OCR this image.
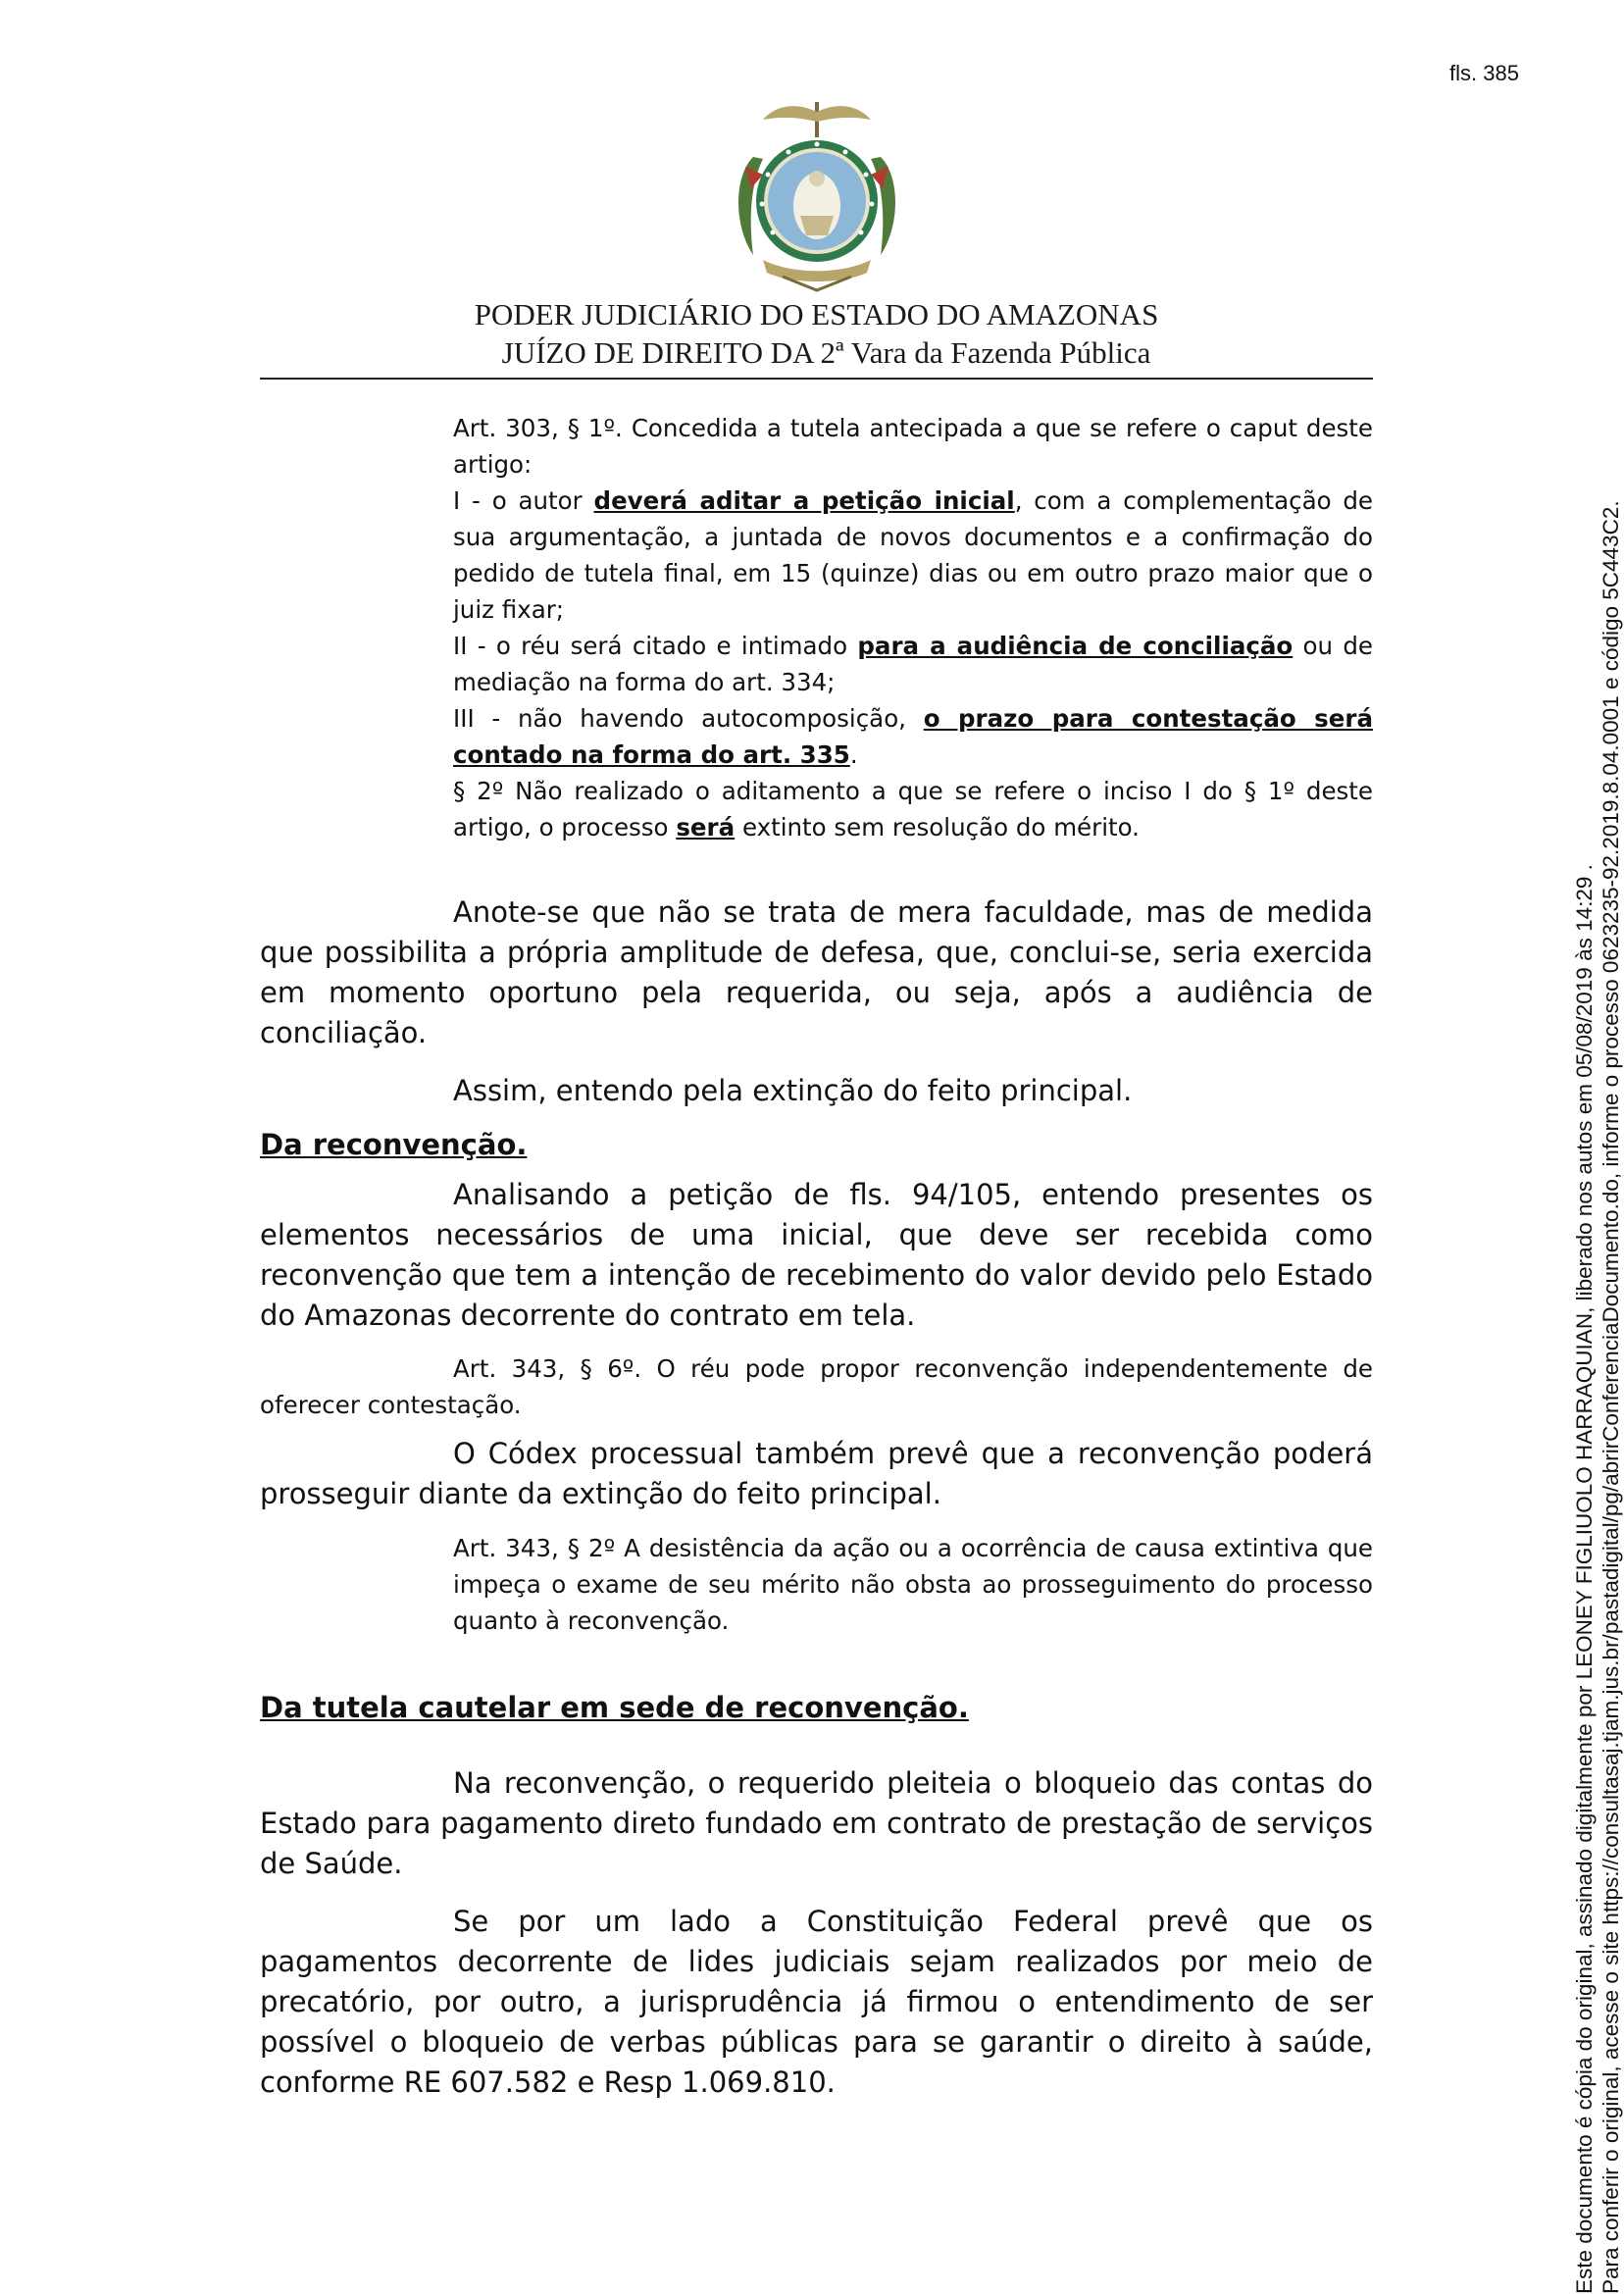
fls. 385
PODER JUDICIÁRIO DO ESTADO DO AMAZONAS
JUÍZO DE DIREITO DA 2ª Vara da Fazenda Pública

Art. 303, § 1º. Concedida a tutela antecipada a que se refere o caput deste artigo:

I - o autor deverá aditar a petição inicial, com a complementação de sua argumentação, a juntada de novos documentos e a confirmação do pedido de tutela final, em 15 (quinze) dias ou em outro prazo maior que o juiz fixar;

II - o réu será citado e intimado para a audiência de conciliação ou de mediação na forma do art. 334;

III - não havendo autocomposição, o prazo para contestação será contado na forma do art. 335.

§ 2º Não realizado o aditamento a que se refere o inciso I do § 1º deste artigo, o processo será extinto sem resolução do mérito.

Anote-se que não se trata de mera faculdade, mas de medida que possibilita a própria amplitude de defesa, que, conclui-se, seria exercida em momento oportuno pela requerida, ou seja, após a audiência de conciliação.

Assim, entendo pela extinção do feito principal.

Da reconvenção.

Analisando a petição de fls. 94/105, entendo presentes os elementos necessários de uma inicial, que deve ser recebida como reconvenção que tem a intenção de recebimento do valor devido pelo Estado do Amazonas decorrente do contrato em tela.

Art. 343, § 6º. O réu pode propor reconvenção independentemente de oferecer contestação.

O Códex processual também prevê que a reconvenção poderá prosseguir diante da extinção do feito principal.

Art. 343, § 2º A desistência da ação ou a ocorrência de causa extintiva que impeça o exame de seu mérito não obsta ao prosseguimento do processo quanto à reconvenção.

Da tutela cautelar em sede de reconvenção.

Na reconvenção, o requerido pleiteia o bloqueio das contas do Estado para pagamento direto fundado em contrato de prestação de serviços de Saúde.

Se por um lado a Constituição Federal prevê que os pagamentos decorrente de lides judiciais sejam realizados por meio de precatório, por outro, a jurisprudência já firmou o entendimento de ser possível o bloqueio de verbas públicas para se garantir o direito à saúde, conforme RE 607.582 e Resp 1.069.810.	Este documento é cópia do original, assinado digitalmente por LEONEY FIGLIUOLO HARRAQUIAN, liberado nos autos em 05/08/2019 às 14:29 . Para conferir o original, acesse o site https://consultasaj.tjam.jus.br/pastadigital/pg/abrirConferenciaDocumento.do, informe o processo 0623235-92.2019.8.04.0001 e código 5C443C2.
